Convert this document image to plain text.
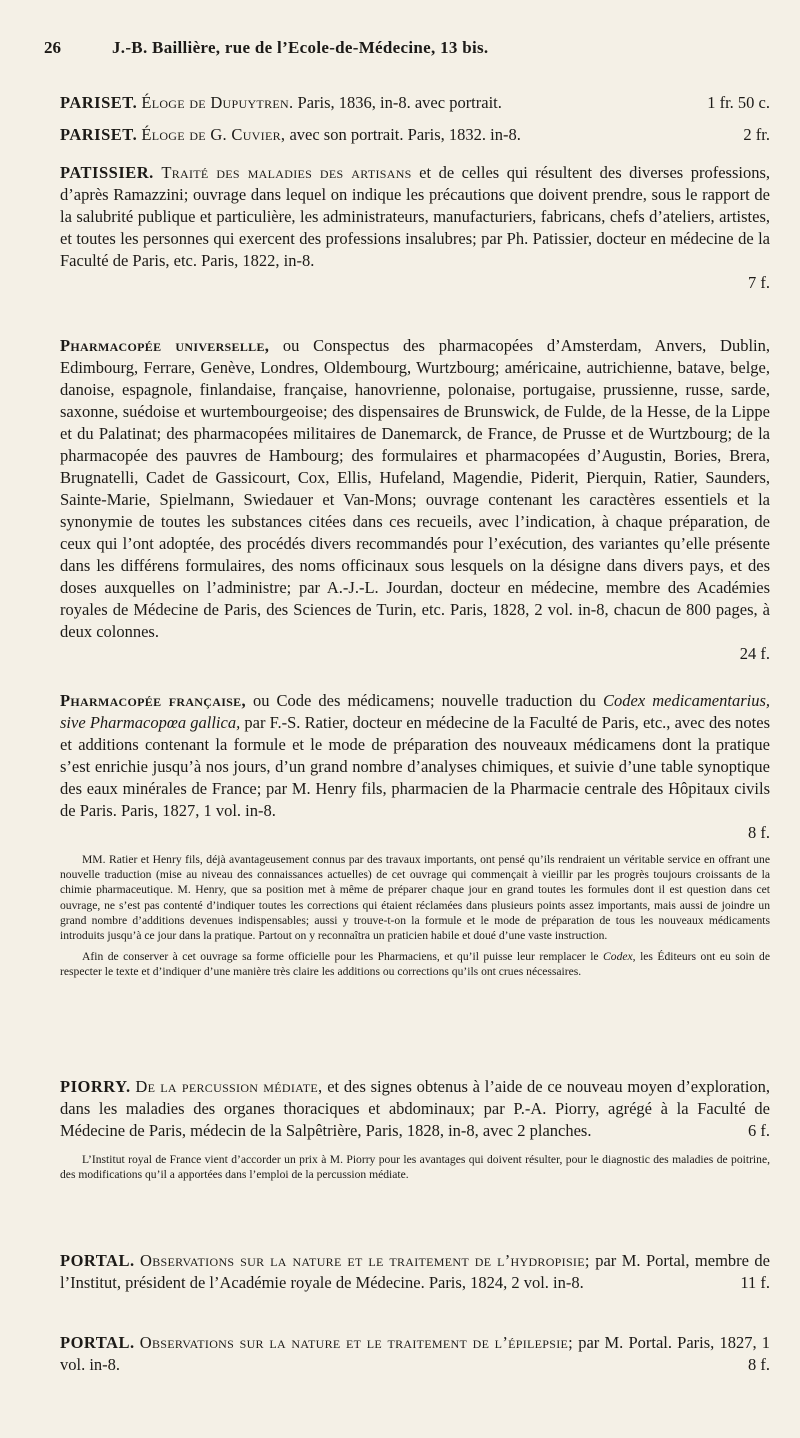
26	J.-B. Baillière, rue de l’Ecole-de-Médecine, 13 bis.
PARISET. Éloge de Dupuytren. Paris, 1836, in-8. avec portrait.	1 fr. 50 c.
PARISET. Éloge de G. Cuvier, avec son portrait. Paris, 1832. in-8.	2 fr.

PATISSIER. Traité des maladies des artisans et de celles qui résultent des diverses professions, d’après Ramazzini; ouvrage dans lequel on indique les précautions que doivent prendre, sous le rapport de la salubrité publique et particulière, les administrateurs, manufacturiers, fabricans, chefs d’ateliers, artistes, et toutes les personnes qui exercent des professions insalubres; par Ph. Patissier, docteur en médecine de la Faculté de Paris, etc. Paris, 1822, in-8.

7 f.

Pharmacopée universelle, ou Conspectus des pharmacopées d’Amsterdam, Anvers, Dublin, Edimbourg, Ferrare, Genève, Londres, Oldembourg, Wurtzbourg; américaine, autrichienne, batave, belge, danoise, espagnole, finlandaise, française, hanovrienne, polonaise, portugaise, prussienne, russe, sarde, saxonne, suédoise et wurtembourgeoise; des dispensaires de Brunswick, de Fulde, de la Hesse, de la Lippe et du Palatinat; des pharmacopées militaires de Danemarck, de France, de Prusse et de Wurtzbourg; de la pharmacopée des pauvres de Hambourg; des formulaires et pharmacopées d’Augustin, Bories, Brera, Brugnatelli, Cadet de Gassicourt, Cox, Ellis, Hufeland, Magendie, Piderit, Pierquin, Ratier, Saunders, Sainte-Marie, Spielmann, Swiedauer et Van-Mons; ouvrage contenant les caractères essentiels et la synonymie de toutes les substances citées dans ces recueils, avec l’indication, à chaque préparation, de ceux qui l’ont adoptée, des procédés divers recommandés pour l’exécution, des variantes qu’elle présente dans les différens formulaires, des noms officinaux sous lesquels on la désigne dans divers pays, et des doses auxquelles on l’administre; par A.-J.-L. Jourdan, docteur en médecine, membre des Académies royales de Médecine de Paris, des Sciences de Turin, etc. Paris, 1828, 2 vol. in-8, chacun de 800 pages, à deux colonnes.

24 f.

Pharmacopée française, ou Code des médicamens; nouvelle traduction du Codex medicamentarius, sive Pharmacopœa gallica, par F.-S. Ratier, docteur en médecine de la Faculté de Paris, etc., avec des notes et additions contenant la formule et le mode de préparation des nouveaux médicamens dont la pratique s’est enrichie jusqu’à nos jours, d’un grand nombre d’analyses chimiques, et suivie d’une table synoptique des eaux minérales de France; par M. Henry fils, pharmacien de la Pharmacie centrale des Hôpitaux civils de Paris. Paris, 1827, 1 vol. in-8.

8 f.

MM. Ratier et Henry fils, déjà avantageusement connus par des travaux importants, ont pensé qu’ils rendraient un véritable service en offrant une nouvelle traduction (mise au niveau des connaissances actuelles) de cet ouvrage qui commençait à vieillir par les progrès toujours croissants de la chimie pharmaceutique. M. Henry, que sa position met à même de préparer chaque jour en grand toutes les formules dont il est question dans cet ouvrage, ne s’est pas contenté d’indiquer toutes les corrections qui étaient réclamées dans plusieurs points assez importants, mais aussi de joindre un grand nombre d’additions devenues indispensables; aussi y trouve-t-on la formule et le mode de préparation de tous les nouveaux médicaments introduits jusqu’à ce jour dans la pratique. Partout on y reconnaîtra un praticien habile et doué d’une vaste instruction.

Afin de conserver à cet ouvrage sa forme officielle pour les Pharmaciens, et qu’il puisse leur remplacer le Codex, les Éditeurs ont eu soin de respecter le texte et d’indiquer d’une manière très claire les additions ou corrections qu’ils ont crues nécessaires.

PIORRY. De la percussion médiate, et des signes obtenus à l’aide de ce nouveau moyen d’exploration, dans les maladies des organes thoraciques et abdominaux; par P.-A. Piorry, agrégé à la Faculté de Médecine de Paris, médecin de la Salpêtrière, Paris, 1828, in-8, avec 2 planches.	6 f.

L’Institut royal de France vient d’accorder un prix à M. Piorry pour les avantages qui doivent résulter, pour le diagnostic des maladies de poitrine, des modifications qu’il a apportées dans l’emploi de la percussion médiate.

PORTAL. Observations sur la nature et le traitement de l’hydropisie; par M. Portal, membre de l’Institut, président de l’Académie royale de Médecine. Paris, 1824, 2 vol. in-8.	11 f.

PORTAL. Observations sur la nature et le traitement de l’épilepsie; par M. Portal. Paris, 1827, 1 vol. in-8.	8 f.
